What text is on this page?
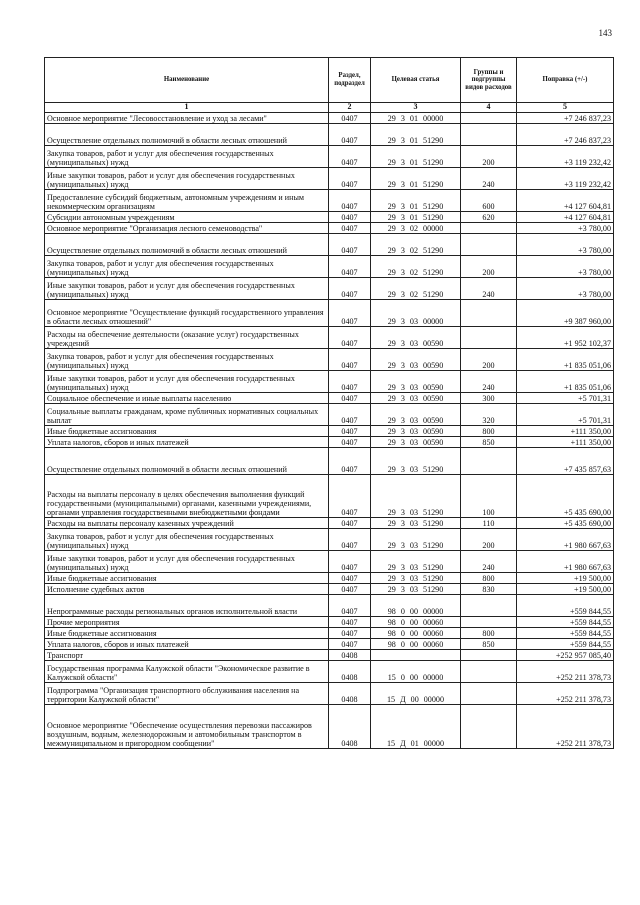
143
Наименование	Раздел, подраздел	Целевая статья	Группы и подгруппы видов расходов	Поправка (+/-)
1	2	3	4	5
Основное мероприятие "Лесовосстановление и уход за лесами"	0407	29 3 01 00000		+7 246 837,23
Осуществление отдельных полномочий в области лесных отношений	0407	29 3 01 51290		+7 246 837,23
Закупка товаров, работ и услуг для обеспечения государственных (муниципальных) нужд	0407	29 3 01 51290	200	+3 119 232,42
Иные закупки товаров, работ и услуг для обеспечения государственных (муниципальных) нужд	0407	29 3 01 51290	240	+3 119 232,42
Предоставление субсидий бюджетным, автономным учреждениям и иным некоммерческим организациям	0407	29 3 01 51290	600	+4 127 604,81
Субсидии автономным учреждениям	0407	29 3 01 51290	620	+4 127 604,81
Основное мероприятие "Организация лесного семеноводства"	0407	29 3 02 00000		+3 780,00
Осуществление отдельных полномочий в области лесных отношений	0407	29 3 02 51290		+3 780,00
Закупка товаров, работ и услуг для обеспечения государственных (муниципальных) нужд	0407	29 3 02 51290	200	+3 780,00
Иные закупки товаров, работ и услуг для обеспечения государственных (муниципальных) нужд	0407	29 3 02 51290	240	+3 780,00
Основное мероприятие "Осуществление функций государственного управления в области лесных отношений"	0407	29 3 03 00000		+9 387 960,00
Расходы на обеспечение деятельности (оказание услуг) государственных учреждений	0407	29 3 03 00590		+1 952 102,37
Закупка товаров, работ и услуг для обеспечения государственных (муниципальных) нужд	0407	29 3 03 00590	200	+1 835 051,06
Иные закупки товаров, работ и услуг для обеспечения государственных (муниципальных) нужд	0407	29 3 03 00590	240	+1 835 051,06
Социальное обеспечение и иные выплаты населению	0407	29 3 03 00590	300	+5 701,31
Социальные выплаты гражданам, кроме публичных нормативных социальных выплат	0407	29 3 03 00590	320	+5 701,31
Иные бюджетные ассигнования	0407	29 3 03 00590	800	+111 350,00
Уплата налогов, сборов и иных платежей	0407	29 3 03 00590	850	+111 350,00
Осуществление отдельных полномочий в области лесных отношений	0407	29 3 03 51290		+7 435 857,63
Расходы на выплаты персоналу в целях обеспечения выполнения функций государственными (муниципальными) органами, казенными учреждениями, органами управления государственными внебюджетными фондами	0407	29 3 03 51290	100	+5 435 690,00
Расходы на выплаты персоналу казенных учреждений	0407	29 3 03 51290	110	+5 435 690,00
Закупка товаров, работ и услуг для обеспечения государственных (муниципальных) нужд	0407	29 3 03 51290	200	+1 980 667,63
Иные закупки товаров, работ и услуг для обеспечения государственных (муниципальных) нужд	0407	29 3 03 51290	240	+1 980 667,63
Иные бюджетные ассигнования	0407	29 3 03 51290	800	+19 500,00
Исполнение судебных актов	0407	29 3 03 51290	830	+19 500,00
Непрограммные расходы региональных органов исполнительной власти	0407	98 0 00 00000		+559 844,55
Прочие мероприятия	0407	98 0 00 00060		+559 844,55
Иные бюджетные ассигнования	0407	98 0 00 00060	800	+559 844,55
Уплата налогов, сборов и иных платежей	0407	98 0 00 00060	850	+559 844,55
Транспорт	0408			+252 957 085,40
Государственная программа Калужской области "Экономическое развитие в Калужской области"	0408	15 0 00 00000		+252 211 378,73
Подпрограмма "Организация транспортного обслуживания населения на территории Калужской области"	0408	15 Д 00 00000		+252 211 378,73
Основное мероприятие "Обеспечение осуществления перевозки пассажиров воздушным, водным, железнодорожным и автомобильным транспортом в межмуниципальном и пригородном сообщении"	0408	15 Д 01 00000		+252 211 378,73
